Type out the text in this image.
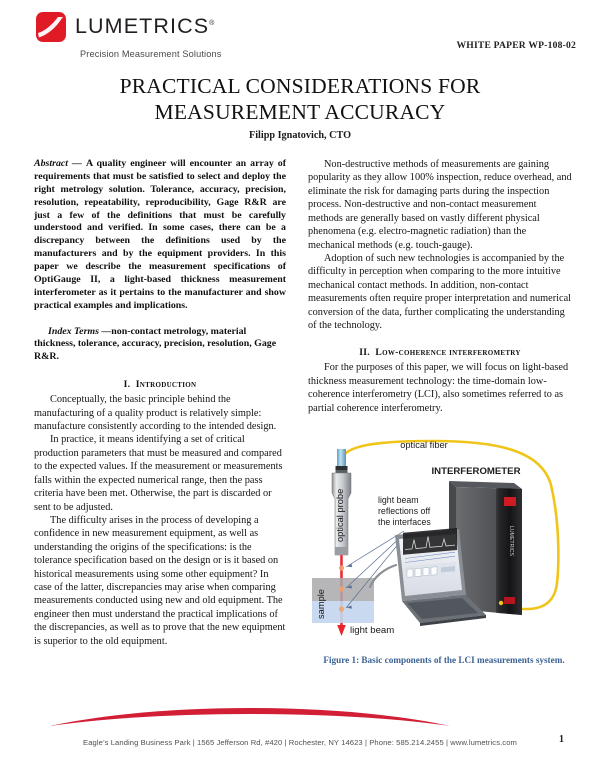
LUMETRICS®
Precision Measurement Solutions
WHITE PAPER WP-108-02
PRACTICAL CONSIDERATIONS FOR MEASUREMENT ACCURACY
Filipp Ignatovich, CTO

Abstract — A quality engineer will encounter an array of requirements that must be satisfied to select and deploy the right metrology solution. Tolerance, accuracy, precision, resolution, repeatability, reproducibility, Gage R&R are just a few of the definitions that must be carefully understood and verified. In some cases, there can be a discrepancy between the definitions used by the manufacturers and by the equipment providers. In this paper we describe the measurement specifications of OptiGauge II, a light-based thickness measurement interferometer as it pertains to the manufacturer and show practical examples and implications.

Index Terms —non-contact metrology, material thickness, tolerance, accuracy, precision, resolution, Gage R&R.

I. Introduction

Conceptually, the basic principle behind the manufacturing of a quality product is relatively simple: manufacture consistently according to the intended design.

In practice, it means identifying a set of critical production parameters that must be measured and compared to the expected values. If the measurement or measurements falls within the expected numerical range, then the pass criteria have been met. Otherwise, the part is discarded or sent to be adjusted.

The difficulty arises in the process of developing a confidence in new measurement equipment, as well as understanding the origins of the specifications: is the tolerance specification based on the design or is it based on historical measurements using some other equipment? In case of the latter, discrepancies may arise when comparing measurements conducted using new and old equipment. The engineer then must understand the practical implications of the discrepancies, as well as to prove that the new equipment is superior to the old equipment.

Non-destructive methods of measurements are gaining popularity as they allow 100% inspection, reduce overhead, and eliminate the risk for damaging parts during the inspection process. Non-destructive and non-contact measurement methods are generally based on vastly different physical phenomena (e.g. electro-magnetic radiation) than the mechanical methods (e.g. touch-gauge).

Adoption of such new technologies is accompanied by the difficulty in perception when comparing to the more intuitive mechanical contact methods. In addition, non-contact measurements often require proper interpretation and numerical conversion of the data, further complicating the understanding of the technology.

II. Low-coherence interferometry

For the purposes of this paper, we will focus on light-based thickness measurement technology: the time-domain low-coherence interferometry (LCI), also sometimes referred to as partial coherence interferometry.

optical fiber
INTERFEROMETER
optical probe
sample
light beam reflections off the interfaces
light beam
LUMETRICS
Figure 1: Basic components of the LCI measurements system.
Eagle’s Landing Business Park | 1565 Jefferson Rd, #420 | Rochester, NY 14623 | Phone: 585.214.2455 | www.lumetrics.com	1
